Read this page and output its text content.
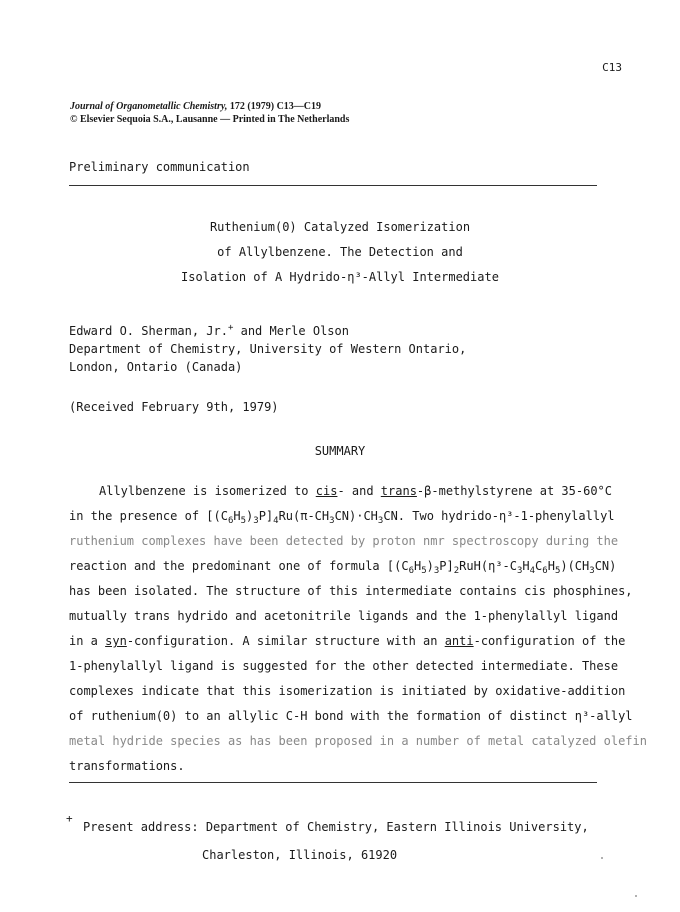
C13
Journal of Organometallic Chemistry, 172 (1979) C13—C19
© Elsevier Sequoia S.A., Lausanne — Printed in The Netherlands
Preliminary communication
Ruthenium(0) Catalyzed Isomerization
of Allylbenzene. The Detection and
Isolation of A Hydrido-η³-Allyl Intermediate
Edward O. Sherman, Jr.+ and Merle Olson
Department of Chemistry, University of Western Ontario,
London, Ontario (Canada)
(Received February 9th, 1979)
SUMMARY
Allylbenzene is isomerized to cis- and trans-β-methylstyrene at 35-60°C
in the presence of $[(C_6H_5)_3P]_4Ru(\pi-CH_3CN)\cdot CH_3CN$. Two hydrido-η³-1-phenylallyl
ruthenium complexes have been detected by proton nmr spectroscopy during the
reaction and the predominant one of formula $[(C_6H_5)_3P]_2RuH(\eta^3-C_3H_4C_6H_5)(CH_3CN)$
has been isolated. The structure of this intermediate contains cis phosphines,
mutually trans hydrido and acetonitrile ligands and the 1-phenylallyl ligand
in a syn-configuration. A similar structure with an anti-configuration of the
1-phenylallyl ligand is suggested for the other detected intermediate. These
complexes indicate that this isomerization is initiated by oxidative-addition
of ruthenium(0) to an allylic C-H bond with the formation of distinct η³-allyl
metal hydride species as has been proposed in a number of metal catalyzed olefin
transformations.
+
Present address: Department of Chemistry, Eastern Illinois University,
Charleston, Illinois, 61920
